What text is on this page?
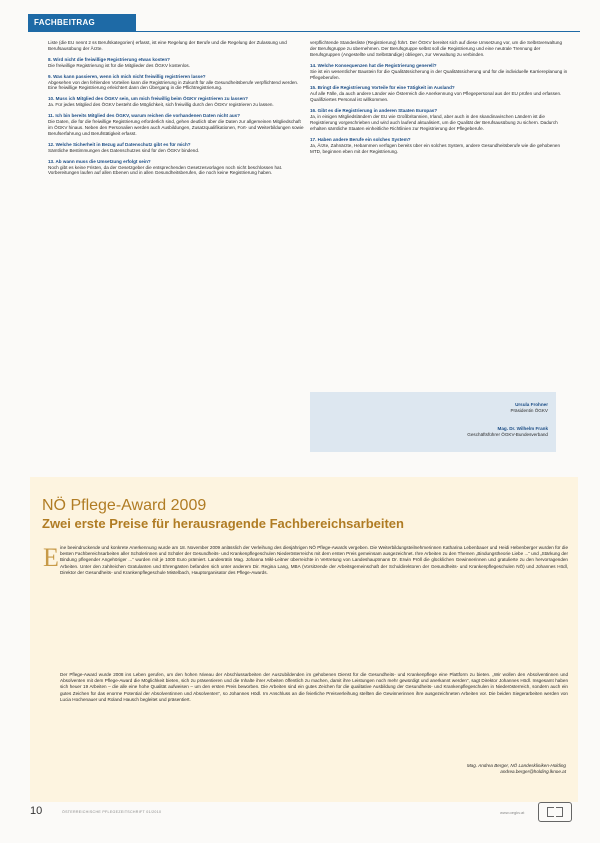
FACHBEITRAG

Liste (die EU nennt 2 ss Berufskategorien) erfasst, ist eine Regelung der Berufe und die Regelung der Zulassung und Berufsausübung der Ärzte.

8. Wird nicht die freiwillige Registrierung etwas kosten?

Die freiwillige Registrierung ist für die Mitglieder des ÖGKV kostenlos.

9. Was kann passieren, wenn ich mich nicht freiwillig registrieren lasse?

Abgesehen von den fehlenden Vorteilen kann die Registrierung in Zukunft für alle Gesundheitsberufe verpflichtend werden. Eine freiwillige Registrierung erleichtert dann den Übergang in die Pflichtregistrierung.

10. Muss ich Mitglied des ÖGKV sein, um mich freiwillig beim ÖGKV registrieren zu lassen?

Ja. Für jedes Mitglied des ÖGKV besteht die Möglichkeit, sich freiwillig durch den ÖGKV registrieren zu lassen.

11. Ich bin bereits Mitglied des ÖGKV, warum reichen die vorhandenen Daten nicht aus?

Die Daten, die für die freiwillige Registrierung erforderlich sind, gehen deutlich über die Daten zur allgemeinen Mitgliedschaft im ÖGKV hinaus. Neben den Personalien werden auch Ausbildungen, Zusatzqualifikationen, Fort- und Weiterbildungen sowie Berufserfahrung und Berufstätigkeit erfasst.

12. Welche Sicherheit in Bezug auf Datenschutz gibt es für mich?

Sämtliche Bestimmungen des Datenschutzes sind für den ÖGKV bindend.

13. Ab wann muss die Umsetzung erfolgt sein?

Noch gibt es keine Fristen, da der Gesetzgeber die entsprechenden Gesetzesvorlagen noch nicht beschlossen hat. Vorbereitungen laufen auf allen Ebenen und in allen Gesundheitsberufen, die noch keine Registrierung haben.

verpflichtende Standesliste (Registrierung) führt. Der ÖGKV bereitet sich auf diese Umsetzung vor, um die Selbstverwaltung der Berufsgruppe zu übernehmen. Der Berufsgruppe selbst soll die Registrierung und eine neutrale Trennung der Berufsgruppen (Angestellte und Selbständige) obliegen, zur Verwaltung zu verbinden.

14. Welche Konsequenzen hat die Registrierung generell?

Sie ist ein wesentlicher Baustein für die Qualitätssicherung in der Qualitätssicherung und für die individuelle Karriereplanung in Pflegeberufen.

15. Bringt die Registrierung Vorteile für eine Tätigkeit im Ausland?

Auf alle Fälle, da auch andere Länder wie Österreich die Anerkennung von Pflegepersonal aus der EU prüfen und erfassen. Qualifiziertes Personal ist willkommen.

16. Gibt es die Registrierung in anderen Staaten Europas?

Ja, in einigen Mitgliedsländern der EU wie Großbritannien, Irland, aber auch in den skandinavischen Ländern ist die Registrierung vorgeschrieben und wird auch laufend aktualisiert, um die Qualität der Berufsausübung zu sichern. Dadurch erhalten sämtliche Staaten einheitliche Richtlinien zur Registrierung der Pflegeberufe.

17. Haben andere Berufe ein solches System?

Ja, Ärzte, Zahnärzte, Hebammen verfügen bereits über ein solches System, andere Gesundheitsberufe wie die gehobenen MTD, beginnen eben mit der Registrierung.

Ursula Frohner
Präsidentin ÖGKV
Mag. Dr. Wilhelm Frank
Geschäftsführer ÖGKV-Bundesverband
NÖ Pflege-Award 2009
Zwei erste Preise für herausragende Fachbereichsarbeiten
E ine beeindruckende und konkrete Anerkennung wurde am 18. November 2009 anlässlich der Verleihung des diesjährigen NÖ Pflege-Awards vergeben. Die Weiterbildungsteilnehmerinnen Katharina Lebenbauer und Heidi Hebenberger wurden für die besten Fachbereichsarbeiten aller Schülerinnen und Schüler der Gesundheits- und Krankenpflegeschulen Niederösterreichs mit dem ersten Preis gemeinsam ausgezeichnet. Ihre Arbeiten zu den Themen „Bindungstheorie Liebe ...“ und „Stärkung der Bindung pflegender Angehöriger ...“ wurden mit je 1000 Euro prämiert. Landesrätin Mag. Johanna Mikl-Leitner überreichte in Vertretung von Landeshauptmann Dr. Erwin Pröll die glücklichen Gewinnerinnen und gratulierte zu den hervorragenden Arbeiten. Unter den zahlreichen Gratulanten und Ehrengästen befanden sich unter anderem Dir. Regina Lang, MBA (Vorsitzende der Arbeitsgemeinschaft der Schuldirektoren der Gesundheits- und Krankenpflegeschulen NÖ) und Johannes Hödl, Direktor der Gesundheits- und Krankenpflegeschule Mistelbach, Hauptorganisator des Pflege-Awards.

Der Pflege-Award wurde 2008 ins Leben gerufen, um den hohen Niveau der Abschlussarbeiten der Auszubildenden im gehobenen Dienst für die Gesundheits- und Krankenpflege eine Plattform zu bieten. „Wir wollen den Absolventinnen und Absolventen mit dem Pflege-Award die Möglichkeit bieten, sich zu präsentieren und die Inhalte ihrer Arbeiten öffentlich zu machen, damit ihre Leistungen noch mehr gewürdigt und anerkannt werden“, sagt Direktor Johannes Hödl. Insgesamt haben sich heuer 19 Arbeiten – die alle eine hohe Qualität aufweisen – um den ersten Preis beworben. Die Arbeiten sind ein gutes Zeichen für die qualitative Ausbildung der Gesundheits- und Krankenpflegeschulen in Niederösterreich, sondern auch ein gutes Zeichen für das enorme Potential der Absolventinnen und Absolventen“, so Johannes Hödl. Im Anschluss an die feierliche Preisverleihung stellten die Gewinnerinnen ihre ausgezeichneten Arbeiten vor. Die beiden Siegerarbeiten werden von Lucia Hochenauer und Roland Hausch begleitet und präsentiert.

Mag. Andrea Berger, NÖ Landeskliniken-Holding
andrea.berger@holding.lknoe.at
10	ÖSTERREICHISCHE PFLEGEZEITSCHRIFT 01/2010	www.oegkv.at
